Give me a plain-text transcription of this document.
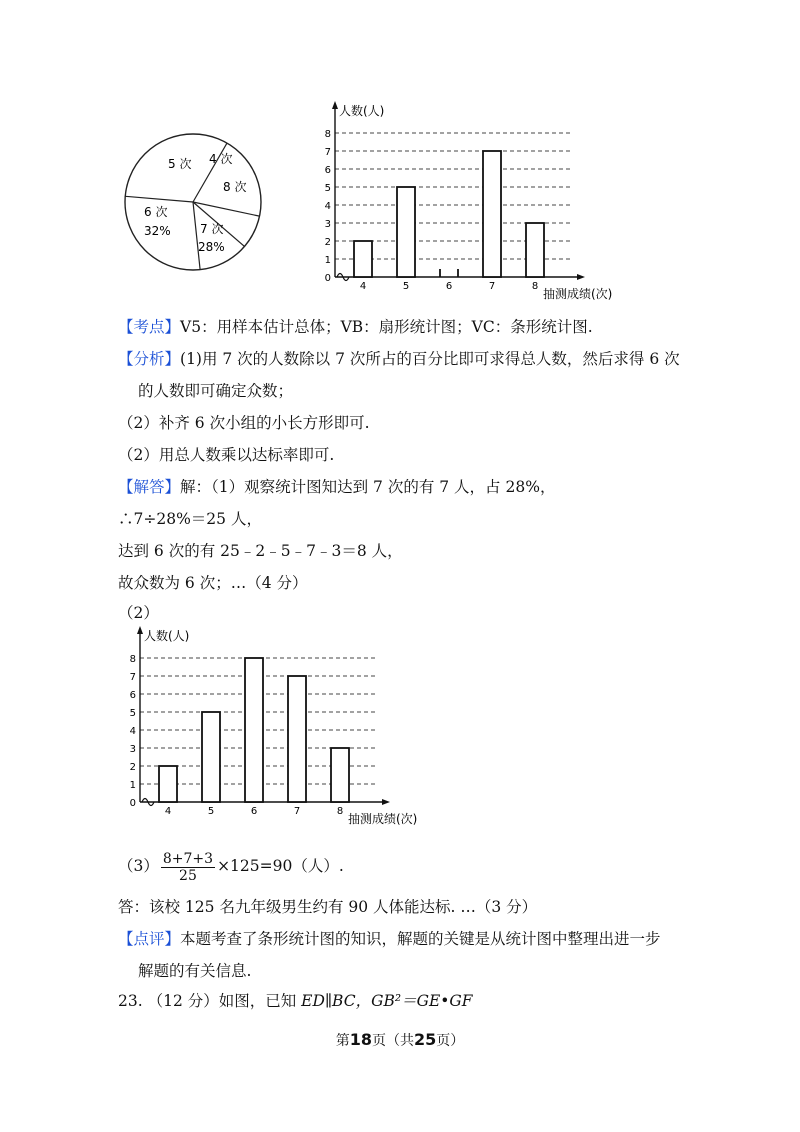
5 次 4 次
8 次
7 次
28%
6 次
32%
0
1
2
3
4
5
6
7
8
人数(人)
抽测成绩(次)
4	5	6	7	8
【考点】V5：用样本估计总体；VB：扇形统计图；VC：条形统计图.
【分析】(1)用 7 次的人数除以 7 次所占的百分比即可求得总人数，然后求得 6 次
的人数即可确定众数；
（2）补齐 6 次小组的小长方形即可.
（2）用总人数乘以达标率即可.
【解答】解：（1）观察统计图知达到 7 次的有 7 人，占 28%，
∴7÷28%＝25 人，
达到 6 次的有 25﹣2﹣5﹣7﹣3＝8 人，
故众数为 6 次；…（4 分）
（2）
0
1
2
3
4
5
6
7
8
人数(人)
抽测成绩(次)
4	5	6	7	8
$(3) \frac{8+7+3}{25} \times 125=90$（人）.
答：该校 125 名九年级男生约有 90 人体能达标. …（3 分）
【点评】本题考查了条形统计图的知识，解题的关键是从统计图中整理出进一步
解题的有关信息.
23. （12 分）如图，已知 ED∥BC，GB²＝GE•GF
第18页（共25页）
